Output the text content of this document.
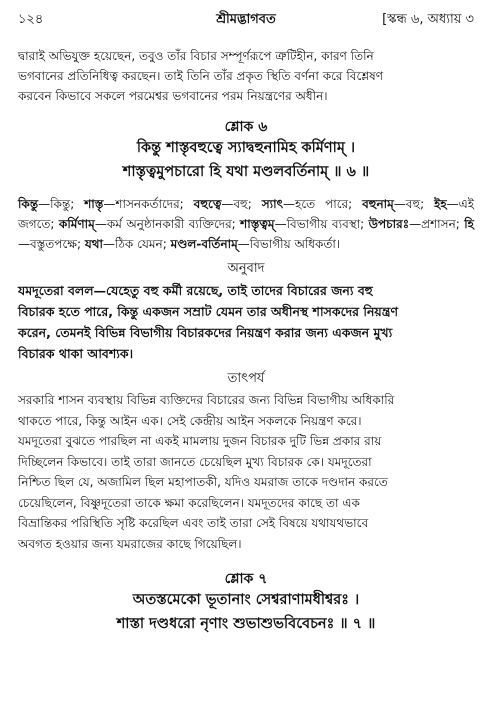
১২৪	শ্রীমদ্ভাগবত	[স্কন্ধ ৬, অধ্যায় ৩

দ্বারাই অভিযুক্ত হয়েছেন, তবুও তাঁর বিচার সম্পূর্ণরূপে ত্রুটিহীন, কারণ তিনি

ভগবানের প্রতিনিধিত্ব করছেন। তাই তিনি তাঁর প্রকৃত স্থিতি বর্ণনা করে বিশ্লেষণ

করবেন কিভাবে সকলে পরমেশ্বর ভগবানের পরম নিয়ন্ত্রণের অধীন।

শ্লোক ৬
কিন্তু শাস্তৃবহুত্বে স্যাদ্বহুনামিহ কর্মিণাম্ ।
শাস্তৃত্বমুপচারো হি যথা মণ্ডলবর্তিনাম্ ॥ ৬ ॥
কিন্তু—কিন্তু; শাস্তৃ—শাসনকর্তাদের; বহুত্বে—বহু; স্যাৎ—হতে পারে; বহুনাম্—বহু; ইহ—এই জগতে; কর্মিণাম্—কর্ম অনুষ্ঠানকারী ব্যক্তিদের; শাস্তৃত্বম্—বিভাগীয় ব্যবস্থা; উপচারঃ—প্রশাসন; হি—বস্তুতপক্ষে; যথা—ঠিক যেমন; মণ্ডল-বর্তিনাম্—বিভাগীয় অধিকর্তা।
অনুবাদ
যমদূতেরা বলল—যেহেতু বহু কর্মী রয়েছে, তাই তাদের বিচারের জন্য বহু
বিচারক হতে পারে, কিন্তু একজন সম্রাট যেমন তার অধীনস্থ শাসকদের নিয়ন্ত্রণ
করেন, তেমনই বিভিন্ন বিভাগীয় বিচারকদের নিয়ন্ত্রণ করার জন্য একজন মুখ্য
বিচারক থাকা আবশ্যক।
তাৎপর্য
সরকারি শাসন ব্যবস্থায় বিভিন্ন ব্যক্তিদের বিচারের জন্য বিভিন্ন বিভাগীয় অধিকারি
থাকতে পারে, কিন্তু আইন এক। সেই কেন্দ্রীয় আইন সকলকে নিয়ন্ত্রণ করে।
যমদূতেরা বুঝতে পারছিল না একই মামলায় দুজন বিচারক দুটি ভিন্ন প্রকার রায়
দিচ্ছিলেন কিভাবে। তাই তারা জানতে চেয়েছিল মুখ্য বিচারক কে। যমদূতেরা
নিশ্চিত ছিল যে, অজামিল ছিল মহাপাতকী, যদিও যমরাজ তাকে দণ্ডদান করতে
চেয়েছিলেন, বিষ্ণুদূতেরা তাকে ক্ষমা করেছিলেন। যমদূতদের কাছে তা এক
বিভ্রান্তিকর পরিস্থিতি সৃষ্টি করেছিল এবং তাই তারা সেই বিষয়ে যথাযথভাবে
অবগত হওয়ার জন্য যমরাজের কাছে গিয়েছিল।
শ্লোক ৭
অতস্তমেকো ভূতানাং সেশ্বরাণামধীশ্বরঃ ।
শাস্তা দণ্ডধরো নৃণাং শুভাশুভবিবেচনঃ ॥ ৭ ॥
